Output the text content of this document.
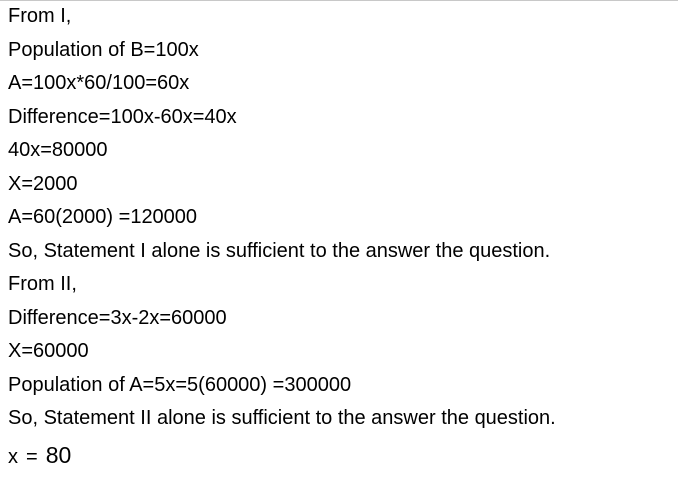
From I,
Population of B=100x
A=100x*60/100=60x
Difference=100x-60x=40x
40x=80000
X=2000
A=60(2000) =120000
So, Statement I alone is sufficient to the answer the question.
From II,
Difference=3x-2x=60000
X=60000
Population of A=5x=5(60000) =300000
So, Statement II alone is sufficient to the answer the question.
x = 80
